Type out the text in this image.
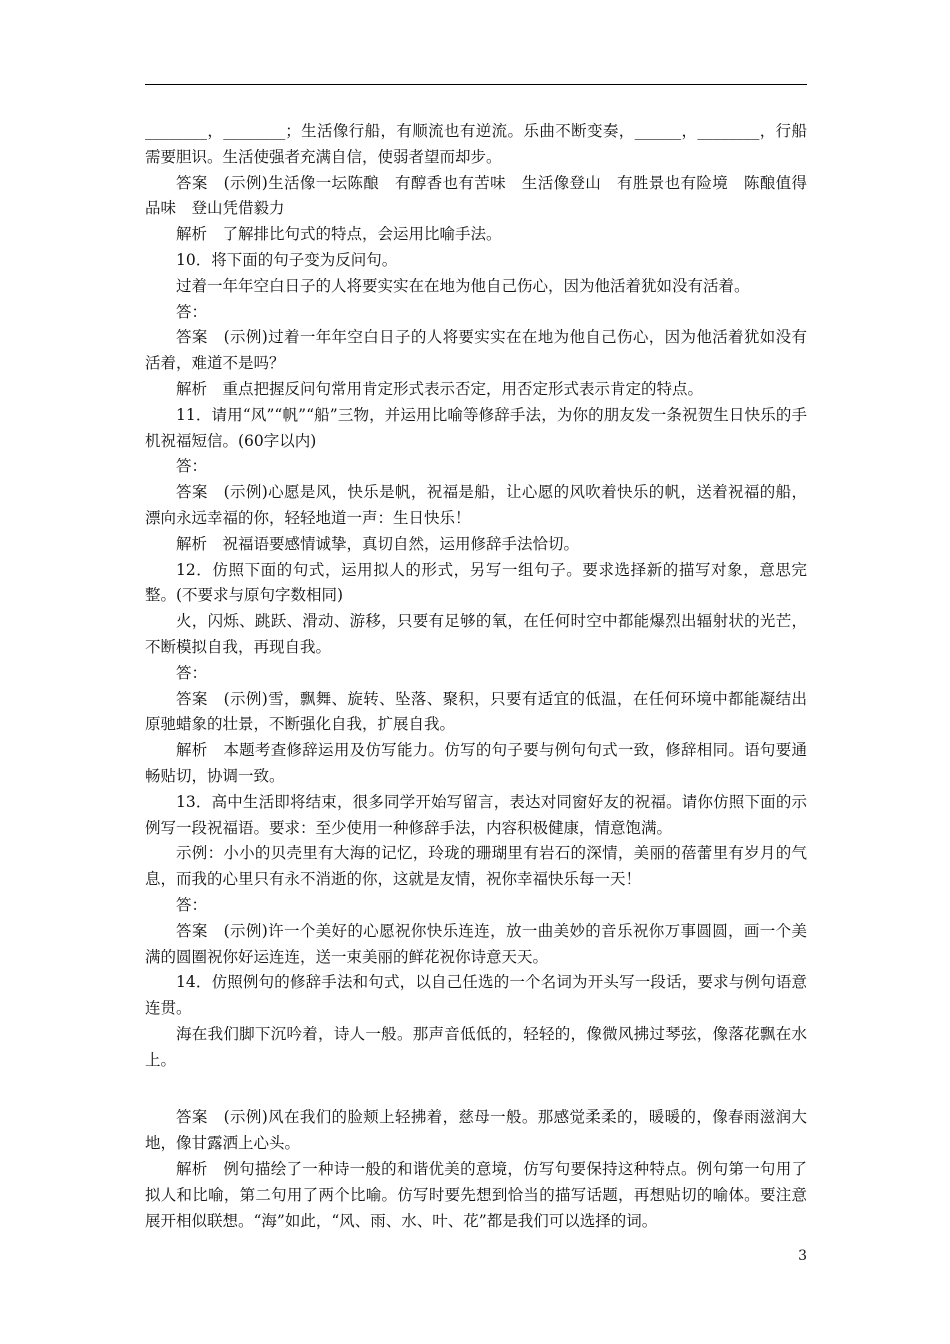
________，________；生活像行船，有顺流也有逆流。乐曲不断变奏，______，________，行船需要胆识。生活使强者充满自信，使弱者望而却步。

答案　(示例)生活像一坛陈酿　有醇香也有苦味　生活像登山　有胜景也有险境　陈酿值得品味　登山凭借毅力

解析　了解排比句式的特点，会运用比喻手法。

10．将下面的句子变为反问句。

过着一年年空白日子的人将要实实在在地为他自己伤心，因为他活着犹如没有活着。

答：

答案　(示例)过着一年年空白日子的人将要实实在在地为他自己伤心，因为他活着犹如没有活着，难道不是吗？

解析　重点把握反问句常用肯定形式表示否定，用否定形式表示肯定的特点。

11．请用“风”“帆”“船”三物，并运用比喻等修辞手法，为你的朋友发一条祝贺生日快乐的手机祝福短信。(60字以内)

答：

答案　(示例)心愿是风，快乐是帆，祝福是船，让心愿的风吹着快乐的帆，送着祝福的船，漂向永远幸福的你，轻轻地道一声：生日快乐！

解析　祝福语要感情诚挚，真切自然，运用修辞手法恰切。

12．仿照下面的句式，运用拟人的形式，另写一组句子。要求选择新的描写对象，意思完整。(不要求与原句字数相同)

火，闪烁、跳跃、滑动、游移，只要有足够的氧，在任何时空中都能爆烈出辐射状的光芒，不断模拟自我，再现自我。

答：

答案　(示例)雪，飘舞、旋转、坠落、聚积，只要有适宜的低温，在任何环境中都能凝结出原驰蜡象的壮景，不断强化自我，扩展自我。

解析　本题考查修辞运用及仿写能力。仿写的句子要与例句句式一致，修辞相同。语句要通畅贴切，协调一致。

13．高中生活即将结束，很多同学开始写留言，表达对同窗好友的祝福。请你仿照下面的示例写一段祝福语。要求：至少使用一种修辞手法，内容积极健康，情意饱满。

示例：小小的贝壳里有大海的记忆，玲珑的珊瑚里有岩石的深情，美丽的蓓蕾里有岁月的气息，而我的心里只有永不消逝的你，这就是友情，祝你幸福快乐每一天！

答：

答案　(示例)许一个美好的心愿祝你快乐连连，放一曲美妙的音乐祝你万事圆圆，画一个美满的圆圈祝你好运连连，送一束美丽的鲜花祝你诗意天天。

14．仿照例句的修辞手法和句式，以自己任选的一个名词为开头写一段话，要求与例句语意连贯。

海在我们脚下沉吟着，诗人一般。那声音低低的，轻轻的，像微风拂过琴弦，像落花飘在水上。

答案　(示例)风在我们的脸颊上轻拂着，慈母一般。那感觉柔柔的，暖暖的，像春雨滋润大地，像甘露洒上心头。

解析　例句描绘了一种诗一般的和谐优美的意境，仿写句要保持这种特点。例句第一句用了拟人和比喻，第二句用了两个比喻。仿写时要先想到恰当的描写话题，再想贴切的喻体。要注意展开相似联想。“海”如此，“风、雨、水、叶、花”都是我们可以选择的词。

3
